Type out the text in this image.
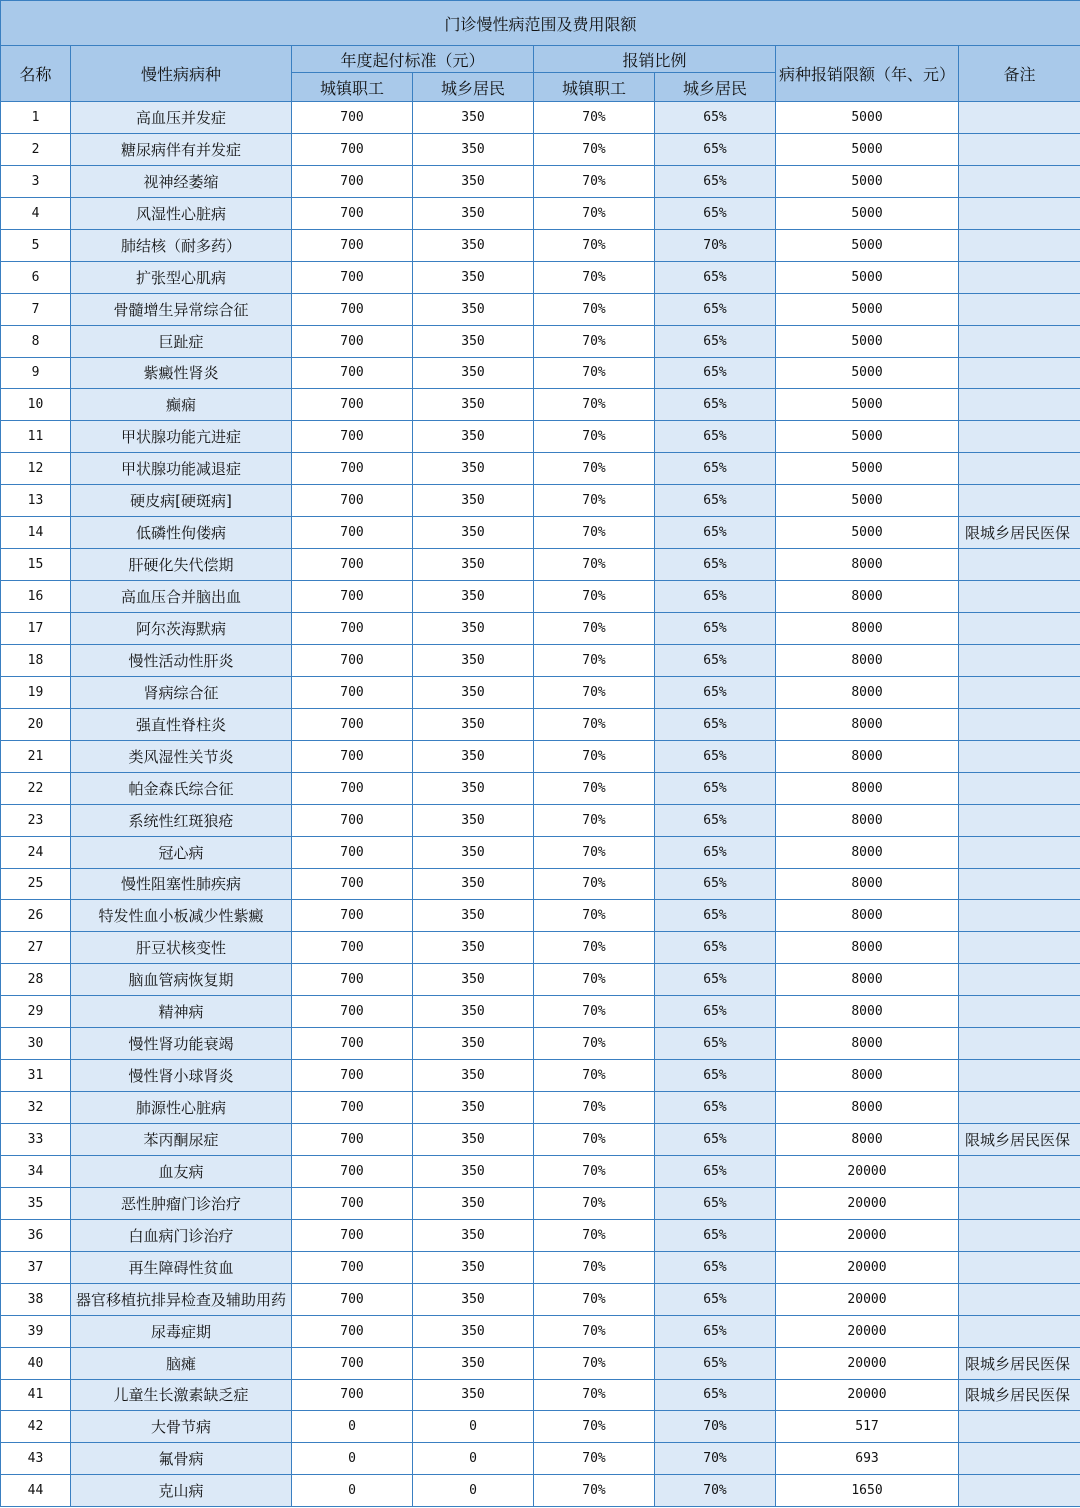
门诊慢性病范围及费用限额							
名称	慢性病病种	年度起付标准（元）		报销比例		病种报销限额（年、元）	备注
		城镇职工	城乡居民	城镇职工	城乡居民		
1	高血压并发症	700	350	70%	65%	5000	
2	糖尿病伴有并发症	700	350	70%	65%	5000	
3	视神经萎缩	700	350	70%	65%	5000	
4	风湿性心脏病	700	350	70%	65%	5000	
5	肺结核（耐多药）	700	350	70%	70%	5000	
6	扩张型心肌病	700	350	70%	65%	5000	
7	骨髓增生异常综合征	700	350	70%	65%	5000	
8	巨趾症	700	350	70%	65%	5000	
9	紫癜性肾炎	700	350	70%	65%	5000	
10	癫痫	700	350	70%	65%	5000	
11	甲状腺功能亢进症	700	350	70%	65%	5000	
12	甲状腺功能减退症	700	350	70%	65%	5000	
13	硬皮病[硬斑病]	700	350	70%	65%	5000	
14	低磷性佝偻病	700	350	70%	65%	5000	限城乡居民医保
15	肝硬化失代偿期	700	350	70%	65%	8000	
16	高血压合并脑出血	700	350	70%	65%	8000	
17	阿尔茨海默病	700	350	70%	65%	8000	
18	慢性活动性肝炎	700	350	70%	65%	8000	
19	肾病综合征	700	350	70%	65%	8000	
20	强直性脊柱炎	700	350	70%	65%	8000	
21	类风湿性关节炎	700	350	70%	65%	8000	
22	帕金森氏综合征	700	350	70%	65%	8000	
23	系统性红斑狼疮	700	350	70%	65%	8000	
24	冠心病	700	350	70%	65%	8000	
25	慢性阻塞性肺疾病	700	350	70%	65%	8000	
26	特发性血小板减少性紫癜	700	350	70%	65%	8000	
27	肝豆状核变性	700	350	70%	65%	8000	
28	脑血管病恢复期	700	350	70%	65%	8000	
29	精神病	700	350	70%	65%	8000	
30	慢性肾功能衰竭	700	350	70%	65%	8000	
31	慢性肾小球肾炎	700	350	70%	65%	8000	
32	肺源性心脏病	700	350	70%	65%	8000	
33	苯丙酮尿症	700	350	70%	65%	8000	限城乡居民医保
34	血友病	700	350	70%	65%	20000	
35	恶性肿瘤门诊治疗	700	350	70%	65%	20000	
36	白血病门诊治疗	700	350	70%	65%	20000	
37	再生障碍性贫血	700	350	70%	65%	20000	
38	器官移植抗排异检查及辅助用药	700	350	70%	65%	20000	
39	尿毒症期	700	350	70%	65%	20000	
40	脑瘫	700	350	70%	65%	20000	限城乡居民医保
41	儿童生长激素缺乏症	700	350	70%	65%	20000	限城乡居民医保
42	大骨节病	0	0	70%	70%	517	
43	氟骨病	0	0	70%	70%	693	
44	克山病	0	0	70%	70%	1650	
